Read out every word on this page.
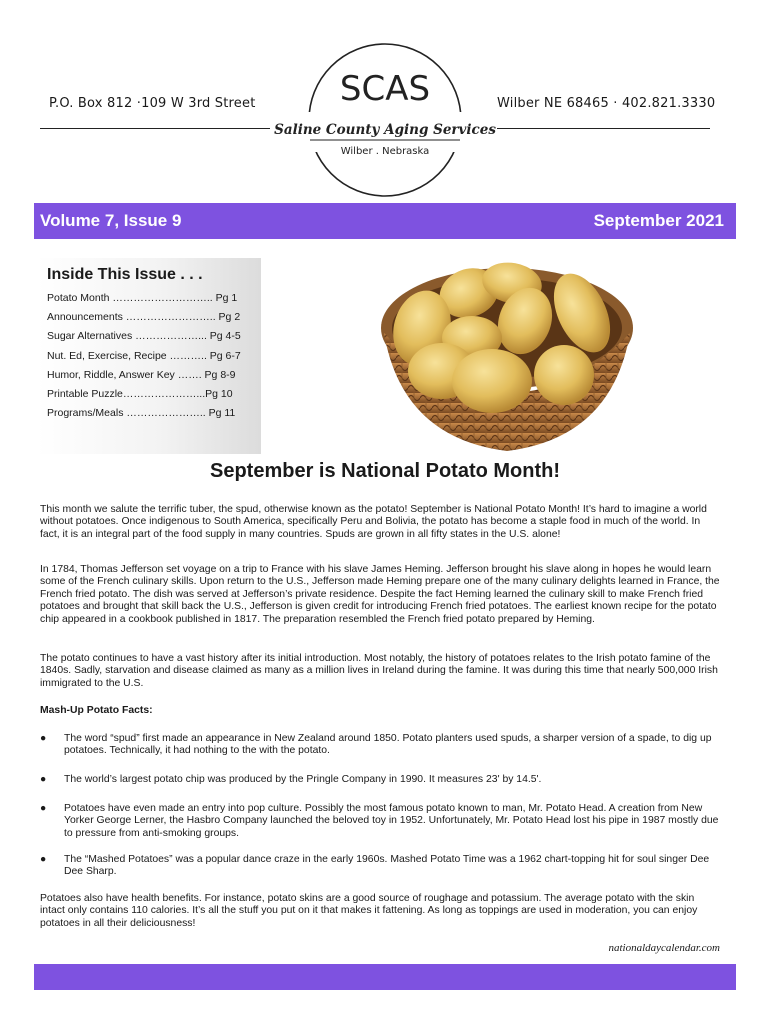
P.O. Box 812 ·109 W 3rd Street SCAS
Saline County Aging Services
Wilber . Nebraska
Wilber NE 68465 · 402.821.3330
Volume 7, Issue 9	September 2021
Inside This Issue . . .
Potato Month ……………………….. Pg 1
Announcements …………………….. Pg 2
Sugar Alternatives ………………... Pg 4-5
Nut. Ed, Exercise, Recipe ……….. Pg 6-7
Humor, Riddle, Answer Key ……. Pg 8-9
Printable Puzzle…………………...Pg 10
Programs/Meals ………………….. Pg 11
September is National Potato Month!

This month we salute the terrific tuber, the spud, otherwise known as the potato! September is National Potato Month! It’s hard to imagine a world without potatoes. Once indigenous to South America, specifically Peru and Bolivia, the potato has become a staple food in much of the world. In fact, it is an integral part of the food supply in many countries. Spuds are grown in all fifty states in the U.S. alone!

In 1784, Thomas Jefferson set voyage on a trip to France with his slave James Heming. Jefferson brought his slave along in hopes he would learn some of the French culinary skills. Upon return to the U.S., Jefferson made Heming prepare one of the many culinary delights learned in France, the French fried potato. The dish was served at Jefferson’s private residence. Despite the fact Heming learned the culinary skill to make French fried potatoes and brought that skill back the U.S., Jefferson is given credit for introducing French fried potatoes. The earliest known recipe for the potato chip appeared in a cookbook published in 1817. The preparation resembled the French fried potato prepared by Heming.

The potato continues to have a vast history after its initial introduction. Most notably, the history of potatoes relates to the Irish potato famine of the 1840s. Sadly, starvation and disease claimed as many as a million lives in Ireland during the famine. It was during this time that nearly 500,000 Irish immigrated to the U.S.

Mash-Up Potato Facts:
● The word “spud” first made an appearance in New Zealand around 1850. Potato planters used spuds, a sharper version of a spade, to dig up potatoes. Technically, it had nothing to the with the potato.
● The world’s largest potato chip was produced by the Pringle Company in 1990. It measures 23' by 14.5'.
● Potatoes have even made an entry into pop culture. Possibly the most famous potato known to man, Mr. Potato Head. A creation from New Yorker George Lerner, the Hasbro Company launched the beloved toy in 1952. Unfortunately, Mr. Potato Head lost his pipe in 1987 mostly due to pressure from anti-smoking groups.
● The “Mashed Potatoes” was a popular dance craze in the early 1960s. Mashed Potato Time was a 1962 chart-topping hit for soul singer Dee Dee Sharp.

Potatoes also have health benefits. For instance, potato skins are a good source of roughage and potassium. The average potato with the skin intact only contains 110 calories. It’s all the stuff you put on it that makes it fattening. As long as toppings are used in moderation, you can enjoy potatoes in all their deliciousness!

nationaldaycalendar.com
